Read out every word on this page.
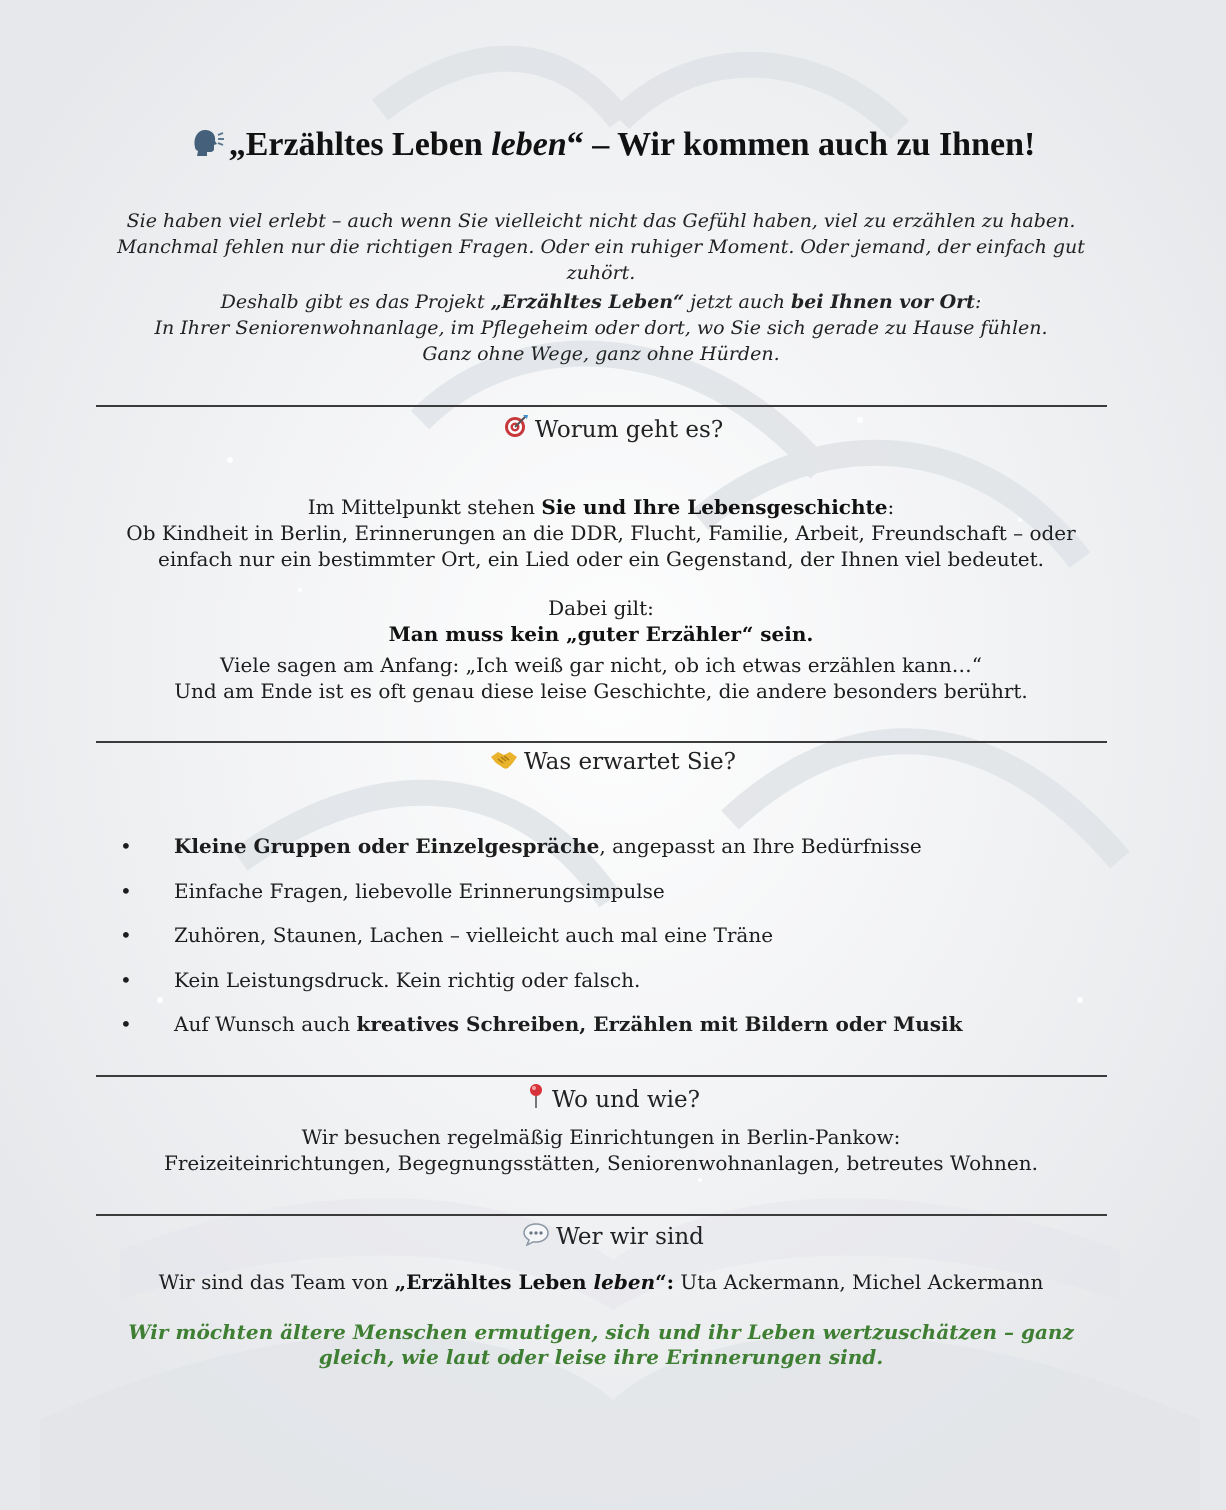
„Erzähltes Leben leben“ – Wir kommen auch zu Ihnen!
Sie haben viel erlebt – auch wenn Sie vielleicht nicht das Gefühl haben, viel zu erzählen zu haben. Manchmal fehlen nur die richtigen Fragen. Oder ein ruhiger Moment. Oder jemand, der einfach gut zuhört.
Deshalb gibt es das Projekt „Erzähltes Leben“ jetzt auch bei Ihnen vor Ort:
In Ihrer Seniorenwohnanlage, im Pflegeheim oder dort, wo Sie sich gerade zu Hause fühlen.
Ganz ohne Wege, ganz ohne Hürden.
Worum geht es?
Im Mittelpunkt stehen Sie und Ihre Lebensgeschichte:
Ob Kindheit in Berlin, Erinnerungen an die DDR, Flucht, Familie, Arbeit, Freundschaft – oder einfach nur ein bestimmter Ort, ein Lied oder ein Gegenstand, der Ihnen viel bedeutet.
Dabei gilt:
Man muss kein „guter Erzähler“ sein.
Viele sagen am Anfang: „Ich weiß gar nicht, ob ich etwas erzählen kann…“
Und am Ende ist es oft genau diese leise Geschichte, die andere besonders berührt.
Was erwartet Sie?
• Kleine Gruppen oder Einzelgespräche, angepasst an Ihre Bedürfnisse
• Einfache Fragen, liebevolle Erinnerungsimpulse
• Zuhören, Staunen, Lachen – vielleicht auch mal eine Träne
• Kein Leistungsdruck. Kein richtig oder falsch.
• Auf Wunsch auch kreatives Schreiben, Erzählen mit Bildern oder Musik
Wo und wie?
Wir besuchen regelmäßig Einrichtungen in Berlin-Pankow:
Freizeiteinrichtungen, Begegnungsstätten, Seniorenwohnanlagen, betreutes Wohnen.
Wer wir sind
Wir sind das Team von „Erzähltes Leben leben“: Uta Ackermann, Michel Ackermann
Wir möchten ältere Menschen ermutigen, sich und ihr Leben wertzuschätzen – ganz gleich, wie laut oder leise ihre Erinnerungen sind.
